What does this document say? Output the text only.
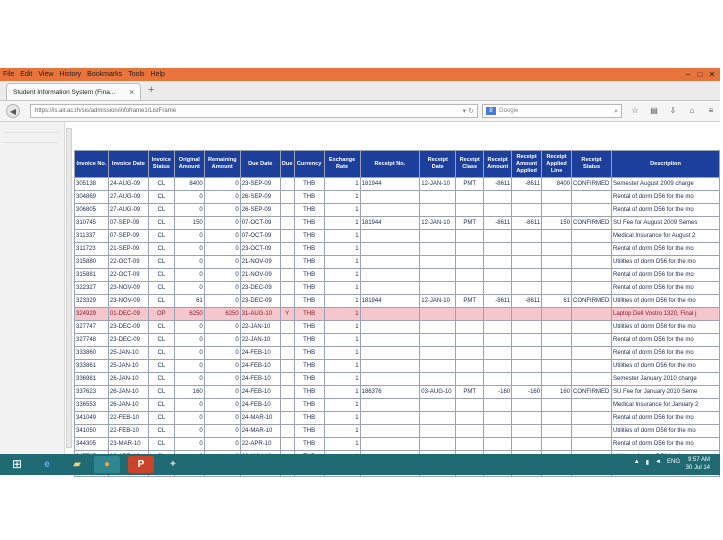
File Edit View History Bookmarks Tools Help	– □ ✕
Student Information System (Fina... × +
◀	https://is.ait.ac.th/sis/admission/infoframe1/ListFrame	▾ ↻	8	Google	⌕	☆	▤	⇩	⌂	≡
Invoice No.	Invoice Date	Invoice Status	Original Amount	Remaining Amount	Due Date	Due	Currency	Exchange Rate	Receipt No.	Receipt Date	Receipt Class	Receipt Amount	Receipt Amount Applied	Receipt Applied Line	Receipt Status	Description
305138	24-AUG-09	CL	8400	0	23-SEP-09		THB	1	181944	12-JAN-10	PMT	-8611	-8611	8400	CONFIRMED	Semester August 2009 charge
304869	27-AUG-09	CL	0	0	26-SEP-09		THB	1								Rental of dorm D56 for the mo
306805	27-AUG-09	CL	0	0	26-SEP-09		THB	1								Rental of dorm D56 for the mo
310745	07-SEP-09	CL	150	0	07-OCT-09		THB	1	181944	12-JAN-10	PMT	-8611	-8611	150	CONFIRMED	SU Fee for August 2009 Semes
311337	07-SEP-09	CL	0	0	07-OCT-09		THB	1								Medical Insurance for August 2
311723	21-SEP-09	CL	0	0	23-OCT-09		THB	1								Rental of dorm D56 for the mo
315880	22-OCT-09	CL	0	0	21-NOV-09		THB	1								Utilities of dorm D56 for the mo
315881	22-OCT-09	CL	0	0	21-NOV-09		THB	1								Rental of dorm D56 for the mo
322327	23-NOV-09	CL	0	0	23-DEC-09		THB	1								Rental of dorm D56 for the mo
323329	23-NOV-09	CL	61	0	23-DEC-09		THB	1	181944	12-JAN-10	PMT	-8611	-8611	61	CONFIRMED	Utilities of dorm D56 for the mo
324929	01-DEC-09	OP	6250	6250	31-AUG-10	Y	THB	1								Laptop Dell Vostro 1320, Final j
327747	23-DEC-09	CL	0	0	22-JAN-10		THB	1								Utilities of dorm D56 for the mo
327748	23-DEC-09	CL	0	0	22-JAN-10		THB	1								Rental of dorm D56 for the mo
333860	25-JAN-10	CL	0	0	24-FEB-10		THB	1								Rental of dorm D56 for the mo
333861	25-JAN-10	CL	0	0	24-FEB-10		THB	1								Utilities of dorm D56 for the mo
336981	26-JAN-10	CL	0	0	24-FEB-10		THB	1								Semester January 2010 charge
337623	26-JAN-10	CL	160	0	24-FEB-10		THB	1	186376	03-AUG-10	PMT	-160	-160	160	CONFIRMED	SU Fee for January 2010 Seme
336553	26-JAN-10	CL	0	0	24-FEB-10		THB	1								Medical Insurance for January 2
341049	22-FEB-10	CL	0	0	24-MAR-10		THB	1								Rental of dorm D56 for the mo
341050	22-FEB-10	CL	0	0	24-MAR-10		THB	1								Utilities of dorm D56 for the mo
344305	23-MAR-10	CL	0	0	22-APR-10		THB	1								Rental of dorm D56 for the mo

⊞	e	▰	●	P	✦	▲ ▮ ◄ ENG	9:57 AM
30 Jul 14
